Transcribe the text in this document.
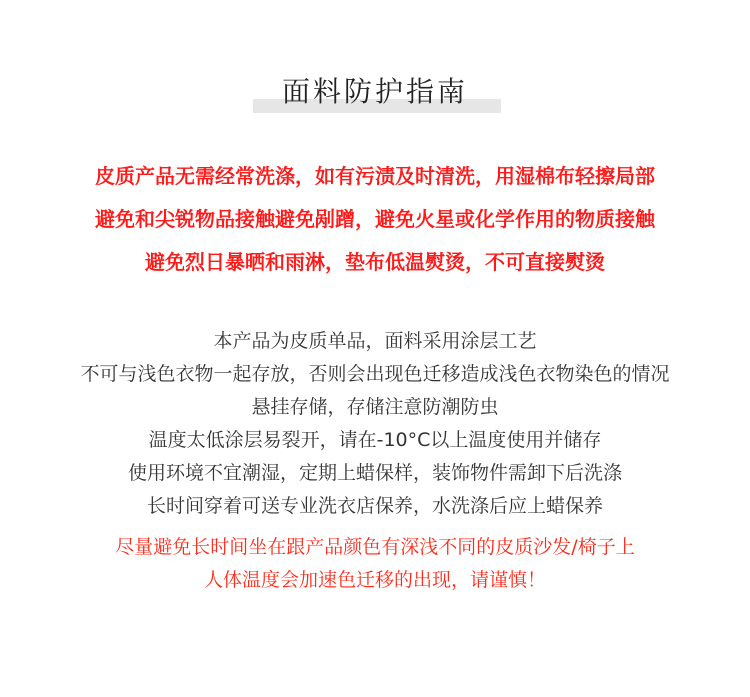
面料防护指南
皮质产品无需经常洗涤，如有污渍及时清洗，用湿棉布轻擦局部
避免和尖锐物品接触避免剐蹭，避免火星或化学作用的物质接触
避免烈日暴晒和雨淋，垫布低温熨烫，不可直接熨烫
本产品为皮质单品，面料采用涂层工艺
不可与浅色衣物一起存放，否则会出现色迁移造成浅色衣物染色的情况
悬挂存储，存储注意防潮防虫
温度太低涂层易裂开，请在-10°C以上温度使用并储存
使用环境不宜潮湿，定期上蜡保样，装饰物件需卸下后洗涤
长时间穿着可送专业洗衣店保养，水洗涤后应上蜡保养
尽量避免长时间坐在跟产品颜色有深浅不同的皮质沙发/椅子上
人体温度会加速色迁移的出现，请谨慎！
